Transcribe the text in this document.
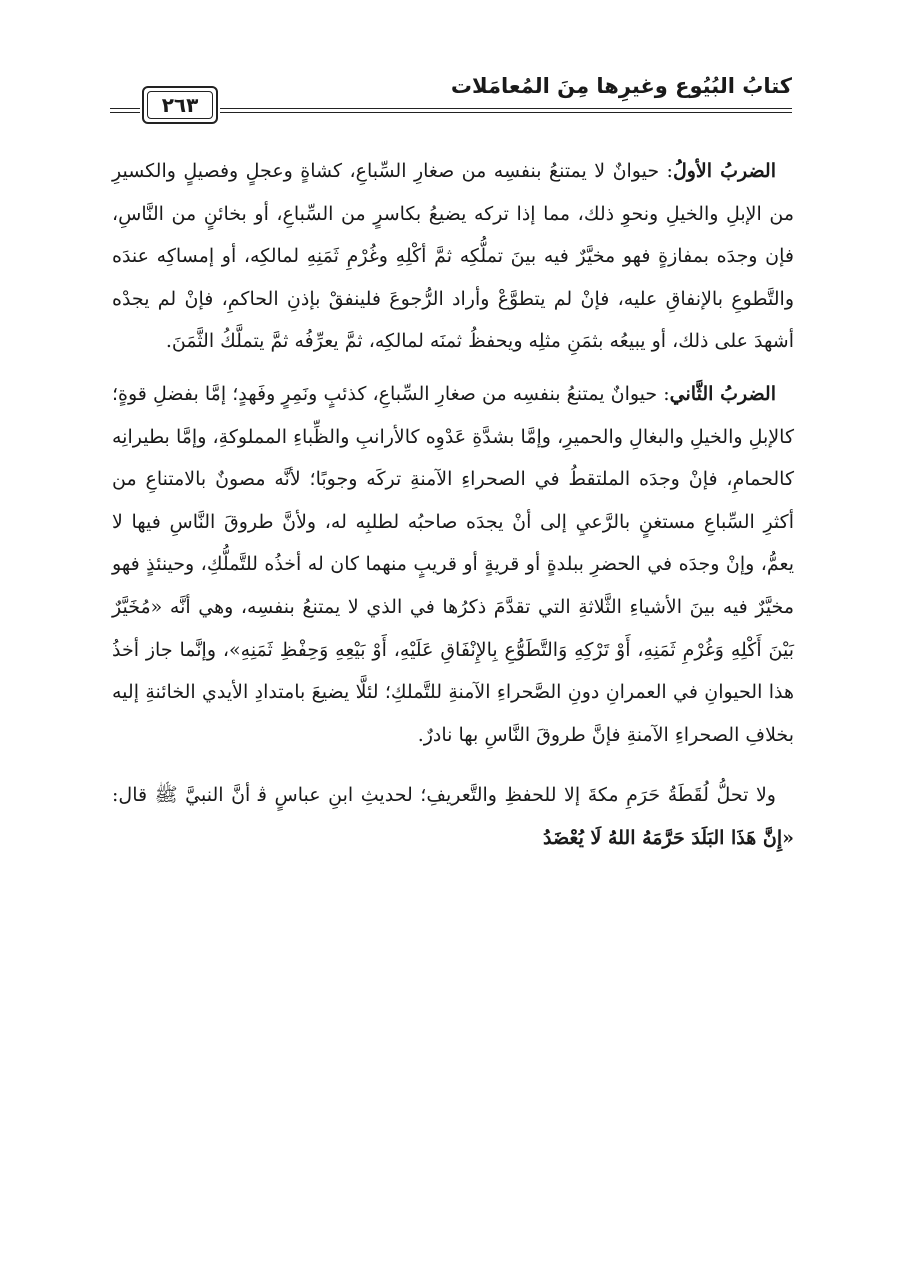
كتابُ البُيُوع وغيرِها مِنَ المُعامَلات
٢٦٣

الضربُ الأولُ: حيوانٌ لا يمتنعُ بنفسِه من صغارِ السِّباعِ، كشاةٍ وعجلٍ وفصيلٍ والكسيرِ من الإبلِ والخيلِ ونحوِ ذلك، مما إذا تركه يضيعُ بكاسرٍ من السِّباعِ، أو بخائنٍ من النَّاسِ، فإن وجدَه بمفازةٍ فهو مخيَّرٌ فيه بينَ تملُّكِه ثمَّ أكْلِهِ وغُرْمِ ثَمَنِهِ لمالكِه، أو إمساكِه عندَه والتَّطوعِ بالإنفاقِ عليه، فإنْ لم يتطوَّعْ وأراد الرُّجوعَ فلينفقْ بإذنِ الحاكمِ، فإنْ لم يجدْه أشهدَ على ذلك، أو يبيعُه بثمَنِ مثلِه ويحفظُ ثمنَه لمالكِه، ثمَّ يعرِّفُه ثمَّ يتملَّكُ الثَّمَنَ.

الضربُ الثَّاني: حيوانٌ يمتنعُ بنفسِه من صغارِ السِّباعِ، كذئبٍ ونَمِرٍ وفَهدٍ؛ إمَّا بفضلِ قوةٍ؛ كالإبلِ والخيلِ والبغالِ والحميرِ، وإمَّا بشدَّةِ عَدْوِه كالأرانبِ والظِّباءِ المملوكةِ، وإمَّا بطيرانِه كالحمامِ، فإنْ وجدَه الملتقطُ في الصحراءِ الآمنةِ تركَه وجوبًا؛ لأنَّه مصونٌ بالامتناعِ من أكثرِ السِّباعِ مستغنٍ بالرَّعيِ إلى أنْ يجدَه صاحبُه لطلبِه له، ولأنَّ طروقَ النَّاسِ فيها لا يعمُّ، وإنْ وجدَه في الحضرِ ببلدةٍ أو قريةٍ أو قريبٍ منهما كان له أخذُه للتَّملُّكِ، وحينئذٍ فهو مخيَّرٌ فيه بينَ الأشياءِ الثَّلاثةِ التي تقدَّمَ ذكرُها في الذي لا يمتنعُ بنفسِه، وهي أنَّه «مُخَيَّرٌ بَيْنَ أَكْلِهِ وَغُرْمِ ثَمَنِهِ، أَوْ تَرْكِهِ وَالتَّطَوُّعِ بِالإِنْفَاقِ عَلَيْهِ، أَوْ بَيْعِهِ وَحِفْظِ ثَمَنِهِ»، وإنَّما جاز أخذُ هذا الحيوانِ في العمرانِ دونِ الصَّحراءِ الآمنةِ للتَّملكِ؛ لئلَّا يضيعَ بامتدادِ الأيدي الخائنةِ إليه بخلافِ الصحراءِ الآمنةِ فإنَّ طروقَ النَّاسِ بها نادرٌ.

ولا تحلُّ لُقَطَةُ حَرَمِ مكةَ إلا للحفظِ والتَّعريفِ؛ لحديثِ ابنِ عباسٍ ﭬ أنَّ النبيَّ ﷺ قال: «إِنَّ هَذَا البَلَدَ حَرَّمَهُ اللهُ لَا يُعْضَدُ
